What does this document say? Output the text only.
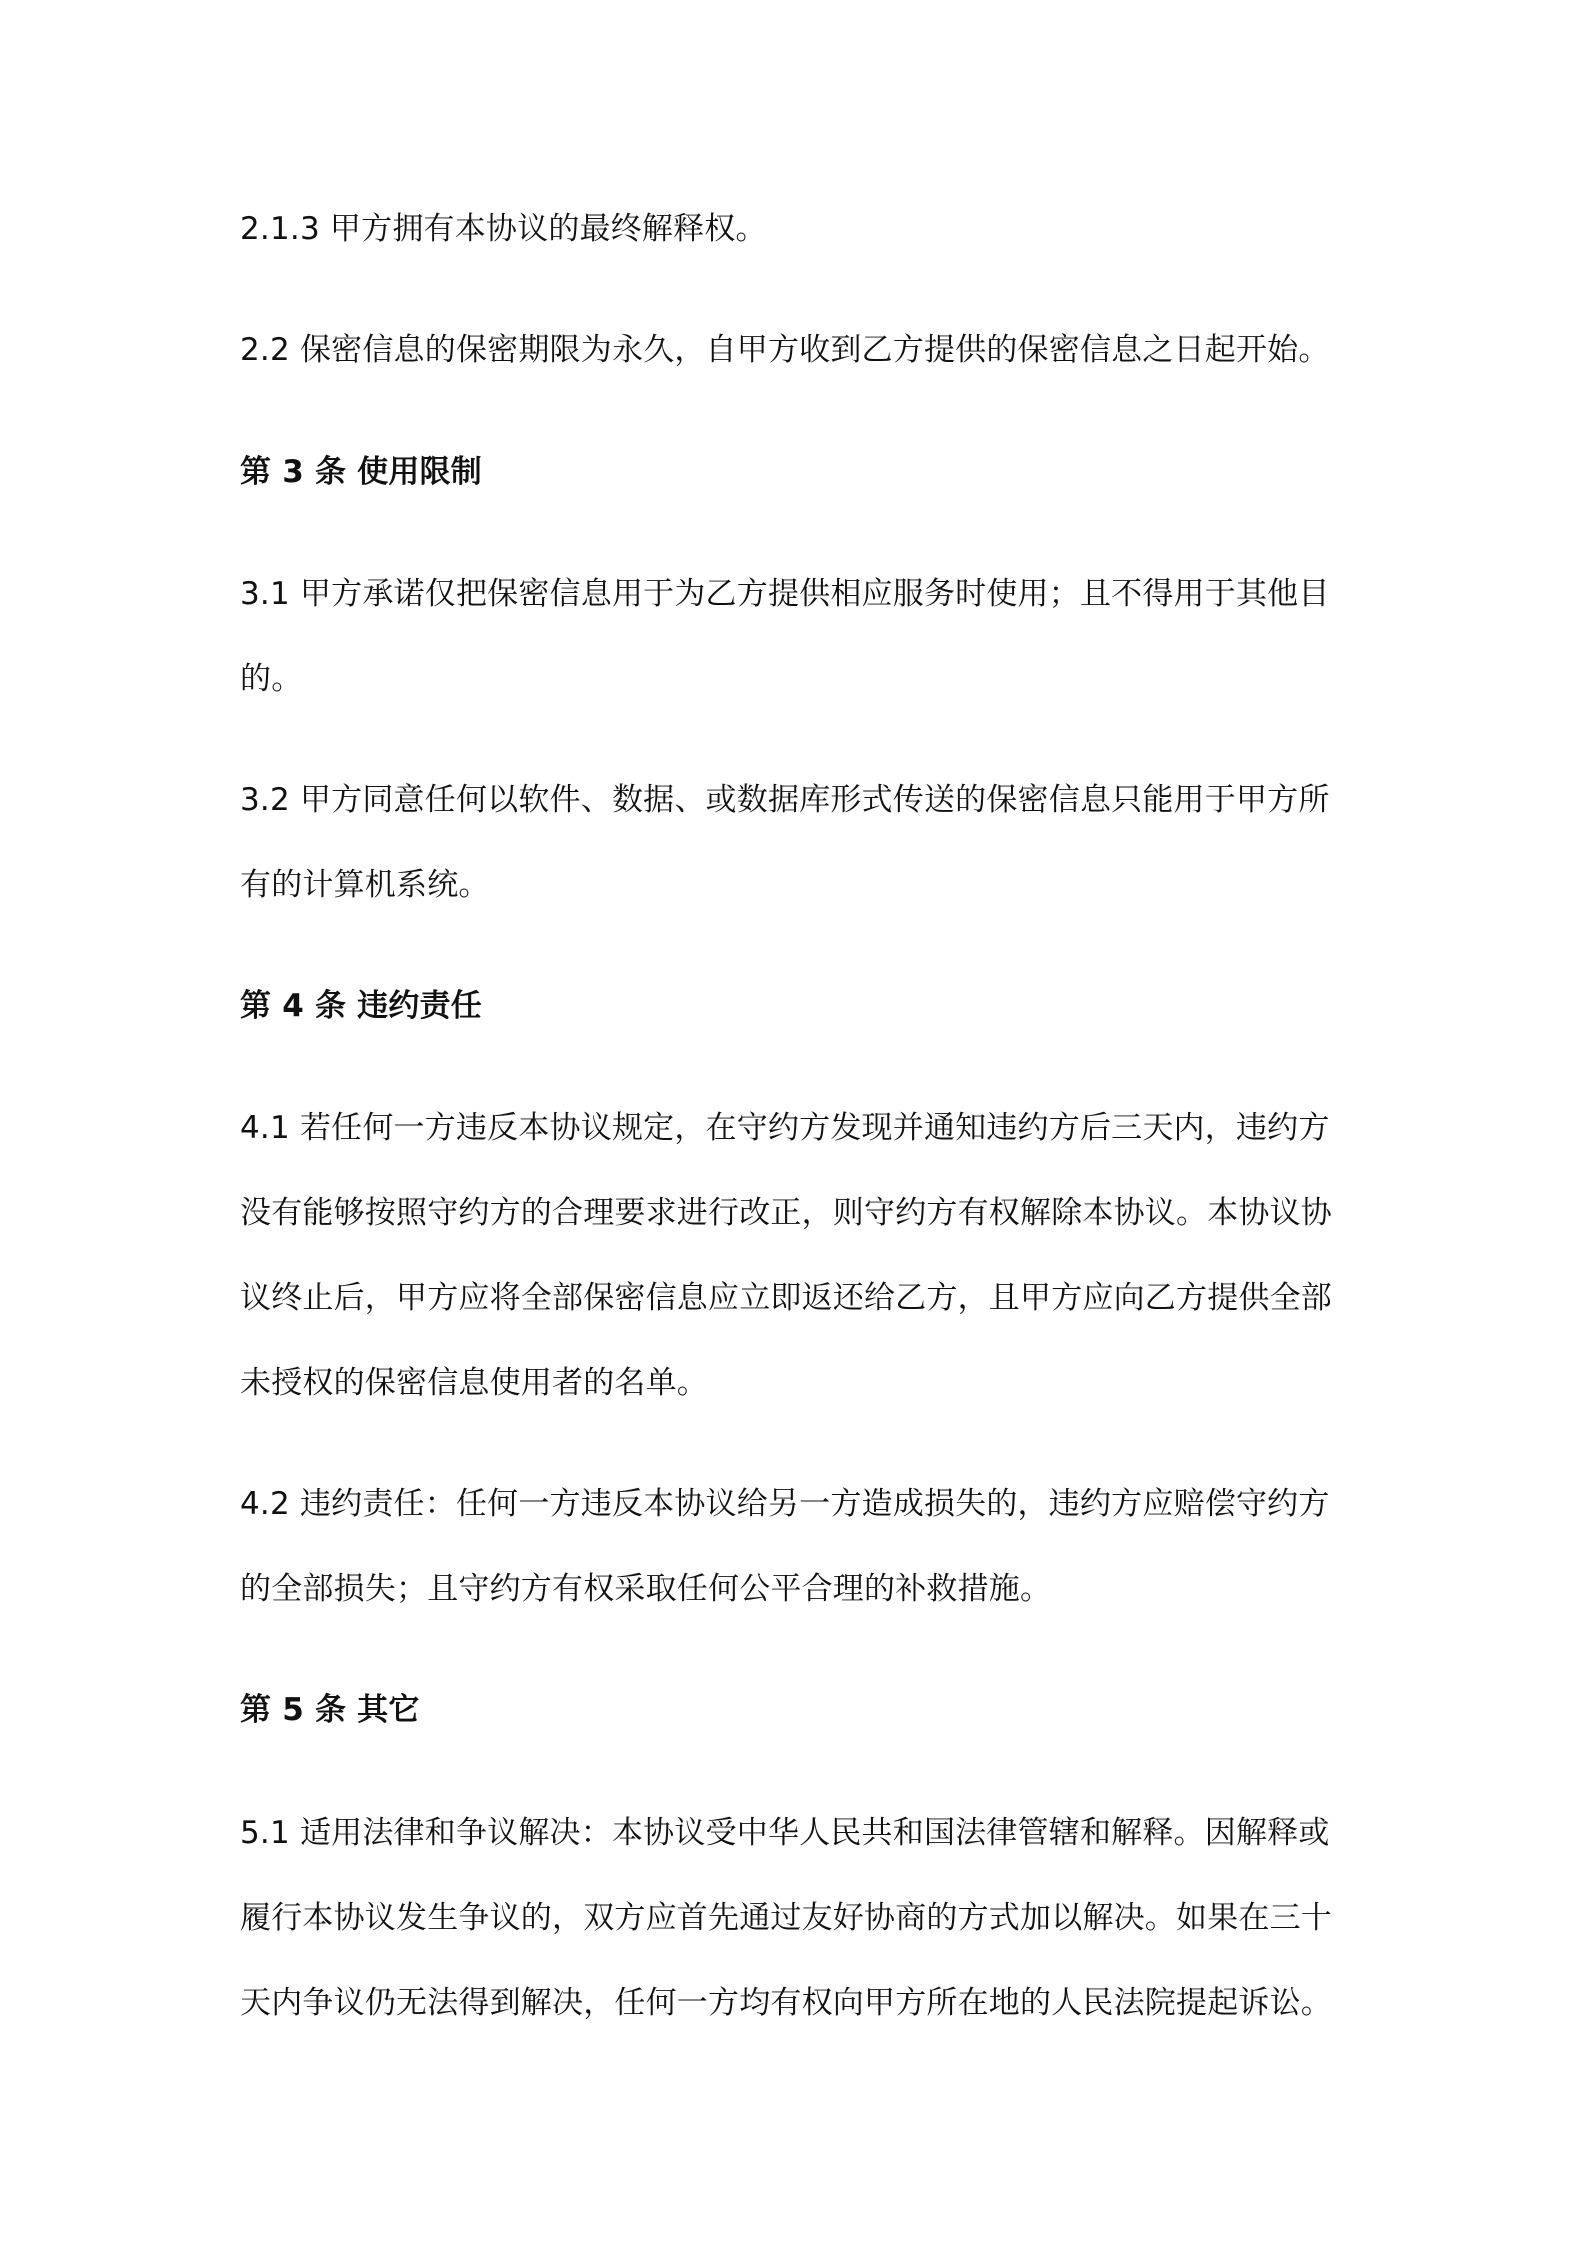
2.1.3 甲方拥有本协议的最终解释权。
2.2 保密信息的保密期限为永久，自甲方收到乙方提供的保密信息之日起开始。
第 3 条 使用限制
3.1 甲方承诺仅把保密信息用于为乙方提供相应服务时使用；且不得用于其他目
的。
3.2 甲方同意任何以软件、数据、或数据库形式传送的保密信息只能用于甲方所
有的计算机系统。
第 4 条 违约责任
4.1 若任何一方违反本协议规定，在守约方发现并通知违约方后三天内，违约方
没有能够按照守约方的合理要求进行改正，则守约方有权解除本协议。本协议协
议终止后，甲方应将全部保密信息应立即返还给乙方，且甲方应向乙方提供全部
未授权的保密信息使用者的名单。
4.2 违约责任：任何一方违反本协议给另一方造成损失的，违约方应赔偿守约方
的全部损失；且守约方有权采取任何公平合理的补救措施。
第 5 条 其它
5.1 适用法律和争议解决：本协议受中华人民共和国法律管辖和解释。因解释或
履行本协议发生争议的，双方应首先通过友好协商的方式加以解决。如果在三十
天内争议仍无法得到解决，任何一方均有权向甲方所在地的人民法院提起诉讼。
